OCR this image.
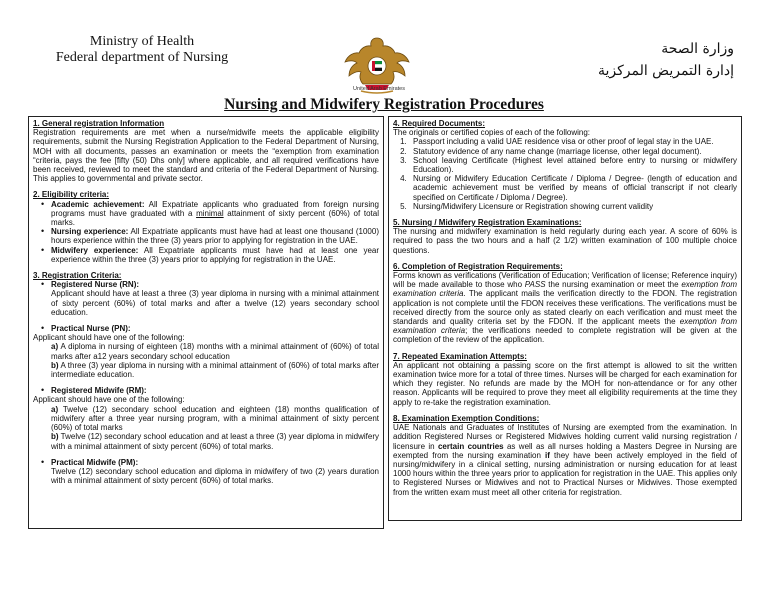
Ministry of Health
Federal department of Nursing
United Arab Emirates
وزارة الصحة
إدارة التمريض المركزية
Nursing and Midwifery Registration Procedures
1. General registration Information

Registration requirements are met when a nurse/midwife meets the applicable eligibility requirements, submit the Nursing Registration Application to the Federal Department of Nursing, MOH with all documents, passes an examination or meets the “exemption from examination “criteria, pays the fee [fifty (50) Dhs only] where applicable, and all required verifications have been received, reviewed to meet the standard and criteria of the Federal Department of Nursing. This applies to governmental and private sector.

2. Eligibility criteria:
• Academic achievement: All Expatriate applicants who graduated from foreign nursing programs must have graduated with a minimal attainment of sixty percent (60%) of total marks.
• Nursing experience: All Expatriate applicants must have had at least one thousand (1000) hours experience within the three (3) years prior to applying for registration in the UAE.
• Midwifery experience: All Expatriate applicants must have had at least one year experience within the three (3) years prior to applying for registration in the UAE.
3. Registration Criteria:
• Registered Nurse (RN):
Applicant should have at least a three (3) year diploma in nursing with a minimal attainment of sixty percent (60%) of total marks and after a twelve (12) years secondary school education.
• Practical Nurse (PN):

Applicant should have one of the following:

a) A diploma in nursing of eighteen (18) months with a minimal attainment of (60%) of total marks after a12 years secondary school education
b) A three (3) year diploma in nursing with a minimal attainment of (60%) of total marks after intermediate education.
• Registered Midwife (RM):

Applicant should have one of the following:

a) Twelve (12) secondary school education and eighteen (18) months qualification of midwifery after a three year nursing program, with a minimal attainment of sixty percent (60%) of total marks
b) Twelve (12) secondary school education and at least a three (3) year diploma in midwifery with a minimal attainment of sixty percent (60%) of total marks.
• Practical Midwife (PM):
Twelve (12) secondary school education and diploma in midwifery of two (2) years duration with a minimal attainment of sixty percent (60%) of total marks.
4. Required Documents:

The originals or certified copies of each of the following:

1. Passport including a valid UAE residence visa or other proof of legal stay in the UAE.
2. Statutory evidence of any name change (marriage license, other legal document).
3. School leaving Certificate (Highest level attained before entry to nursing or midwifery Education).
4. Nursing or Midwifery Education Certificate / Diploma / Degree- (length of education and academic achievement must be verified by means of official transcript if not clearly specified on Certificate / Diploma / Degree).
5. Nursing/Midwifery Licensure or Registration showing current validity
5. Nursing / Midwifery Registration Examinations:

The nursing and midwifery examination is held regularly during each year. A score of 60% is required to pass the two hours and a half (2 1/2) written examination of 100 multiple choice questions.

6. Completion of Registration Requirements:

Forms known as verifications (Verification of Education; Verification of license; Reference inquiry) will be made available to those who PASS the nursing examination or meet the exemption from examination criteria. The applicant mails the verification directly to the FDON. The registration application is not complete until the FDON receives these verifications. The verifications must be received directly from the source only as stated clearly on each verification and must meet the standards and quality criteria set by the FDON. If the applicant meets the exemption from examination criteria; the verifications needed to complete registration will be given at the completion of the review of the application.

7. Repeated Examination Attempts:

An applicant not obtaining a passing score on the first attempt is allowed to sit the written examination twice more for a total of three times. Nurses will be charged for each examination for which they register. No refunds are made by the MOH for non-attendance or for any other reason. Applicants will be required to prove they meet all eligibility requirements at the time they apply to re-take the registration examination.

8. Examination Exemption Conditions:

UAE Nationals and Graduates of Institutes of Nursing are exempted from the examination. In addition Registered Nurses or Registered Midwives holding current valid nursing registration / licensure in certain countries as well as all nurses holding a Masters Degree in Nursing are exempted from the nursing examination if they have been actively employed in the field of nursing/midwifery in a clinical setting, nursing administration or nursing education for at least 1000 hours within the three years prior to application for registration in the UAE. This applies only to Registered Nurses or Midwives and not to Practical Nurses or Midwives. Those exempted from the written exam must meet all other criteria for registration.
